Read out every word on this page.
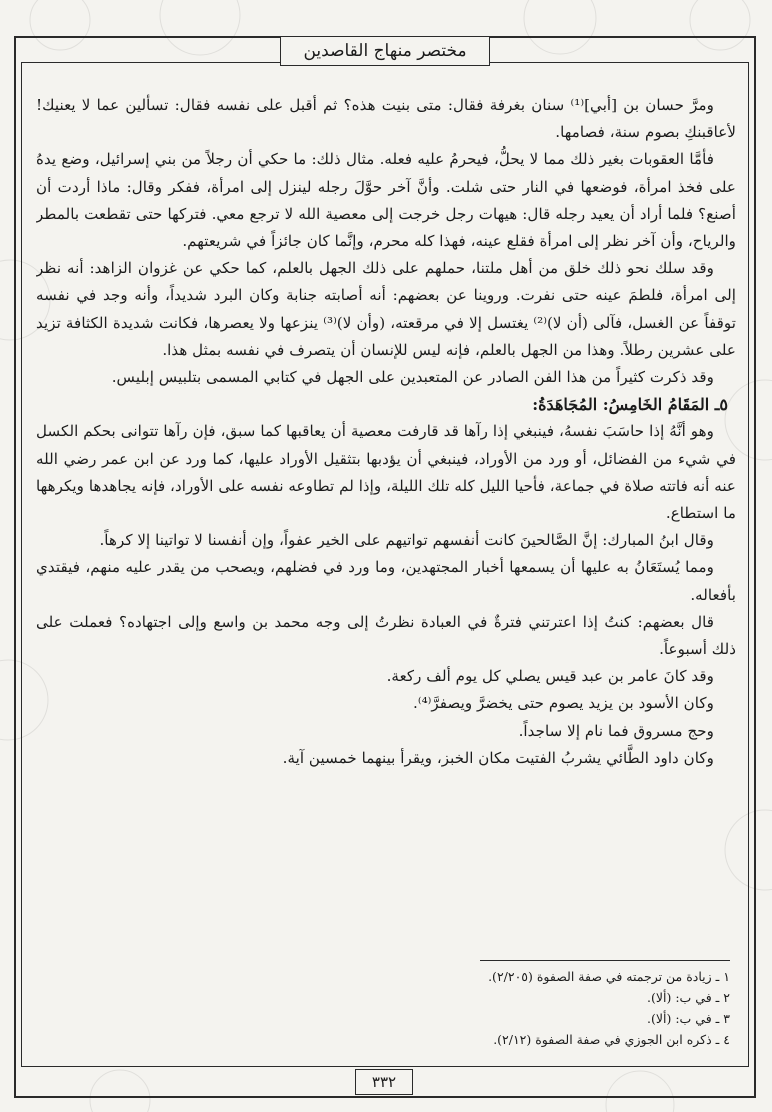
مختصر منهاج القاصدين

ومرَّ حسان بن [أبي]⁽¹⁾ سنان بغرفة فقال: متى بنيت هذه؟ ثم أقبل على نفسه فقال: تسألين عما لا يعنيك! لأعاقبنكِ بصوم سنة، فصامها.

فأمَّا العقوبات بغير ذلك مما لا يحلُّ، فيحرمُ عليه فعله. مثال ذلك: ما حكي أن رجلاً من بني إسرائيل، وضع يدهُ على فخذ امرأة، فوضعها في النار حتى شلت. وأنَّ آخر حوَّلَ رجله لينزل إلى امرأة، ففكر وقال: ماذا أردت أن أصنع؟ فلما أراد أن يعيد رجله قال: هيهات رجل خرجت إلى معصية الله لا ترجع معي. فتركها حتى تقطعت بالمطر والرياح، وأن آخر نظر إلى امرأة فقلع عينه، فهذا كله محرم، وإنَّما كان جائزاً في شريعتهم.

وقد سلك نحو ذلك خلق من أهل ملتنا، حملهم على ذلك الجهل بالعلم، كما حكي عن غزوان الزاهد: أنه نظر إلى امرأة، فلطمَ عينه حتى نفرت. وروينا عن بعضهم: أنه أصابته جنابة وكان البرد شديداً، وأنه وجد في نفسه توقفاً عن الغسل، فآلى (أن لا)⁽²⁾ يغتسل إلا في مرقعته، (وأن لا)⁽³⁾ ينزعها ولا يعصرها، فكانت شديدة الكثافة تزيد على عشرين رطلاً. وهذا من الجهل بالعلم، فإنه ليس للإنسان أن يتصرف في نفسه بمثل هذا.

وقد ذكرت كثيراً من هذا الفن الصادر عن المتعبدين على الجهل في كتابي المسمى بتلبيس إبليس.

٥ـ المَقَامُ الخَامِسُ: المُجَاهَدَةُ:

وهو أنَّهُ إذا حاسَبَ نفسهُ، فينبغي إذا رآها قد قارفت معصية أن يعاقبها كما سبق، فإن رآها تتوانى بحكم الكسل في شيء من الفضائل، أو ورد من الأوراد، فينبغي أن يؤدبها بتثقيل الأوراد عليها، كما ورد عن ابن عمر رضي الله عنه أنه فاتته صلاة في جماعة، فأحيا الليل كله تلك الليلة، وإذا لم تطاوعه نفسه على الأوراد، فإنه يجاهدها ويكرهها ما استطاع.

وقال ابنُ المبارك: إنَّ الصَّالحينَ كانت أنفسهم تواتيهم على الخير عفواً، وإن أنفسنا لا تواتينا إلا كرهاً.

ومما يُستَعَانُ به عليها أن يسمعها أخبار المجتهدين، وما ورد في فضلهم، ويصحب من يقدر عليه منهم، فيقتدي بأفعاله.

قال بعضهم: كنتُ إذا اعترتني فترةٌ في العبادة نظرتُ إلى وجه محمد بن واسع وإلى اجتهاده؟ فعملت على ذلك أسبوعاً.

وقد كانَ عامر بن عبد قيس يصلي كل يوم ألف ركعة.

وكان الأسود بن يزيد يصوم حتى يخضرَّ ويصفرَّ⁽⁴⁾.

وحج مسروق فما نام إلا ساجداً.

وكان داود الطَّائي يشربُ الفتيت مكان الخبز، ويقرأ بينهما خمسين آية.

١ ـ زيادة من ترجمته في صفة الصفوة (٢/٢٠٥).
٢ ـ في ب: (ألا).
٣ ـ في ب: (ألا).
٤ ـ ذكره ابن الجوزي في صفة الصفوة (٢/١٢).
٣٣٢
